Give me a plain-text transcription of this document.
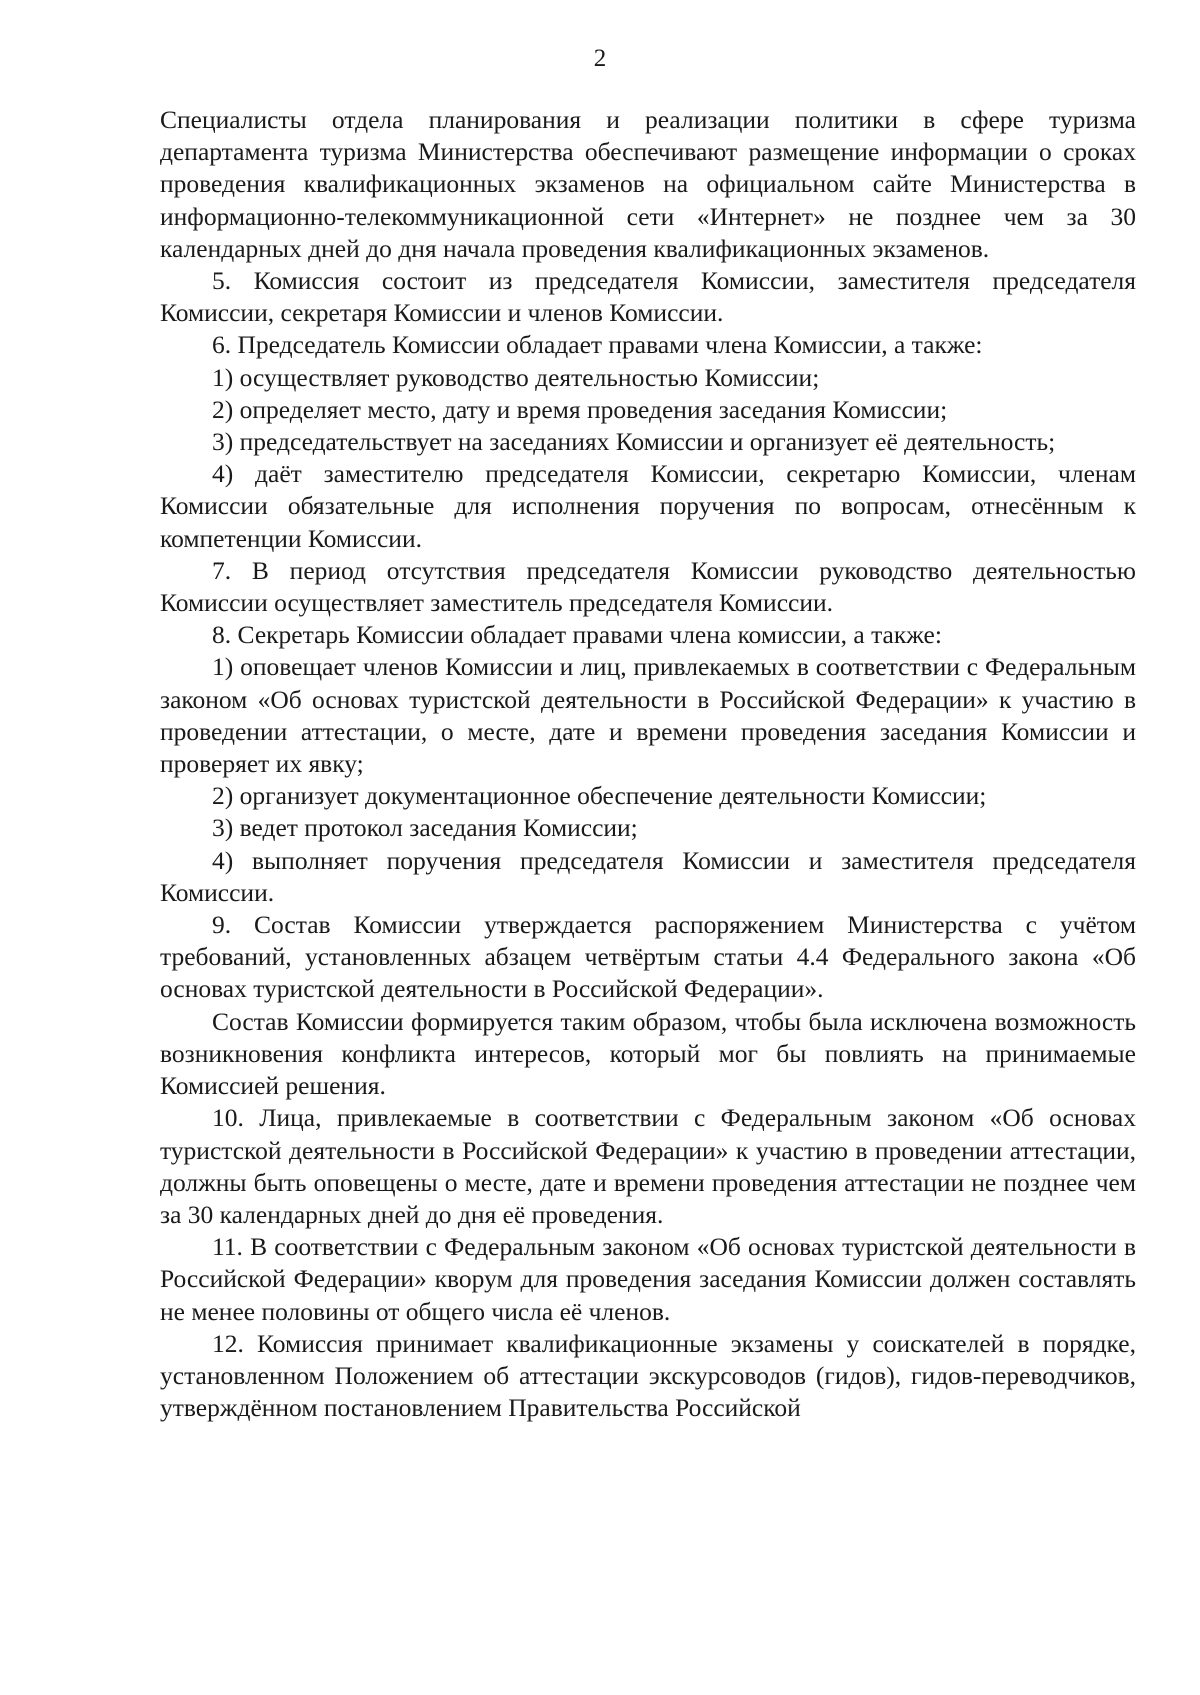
2

Специалисты отдела планирования и реализации политики в сфере туризма департамента туризма Министерства обеспечивают размещение информации о сроках проведения квалификационных экзаменов на официальном сайте Министерства в информационно-телекоммуникационной сети «Интернет» не позднее чем за 30 календарных дней до дня начала проведения квалификационных экзаменов.

5. Комиссия состоит из председателя Комиссии, заместителя председателя Комиссии, секретаря Комиссии и членов Комиссии.

6. Председатель Комиссии обладает правами члена Комиссии, а также:

1) осуществляет руководство деятельностью Комиссии;

2) определяет место, дату и время проведения заседания Комиссии;

3) председательствует на заседаниях Комиссии и организует её деятельность;

4) даёт заместителю председателя Комиссии, секретарю Комиссии, членам Комиссии обязательные для исполнения поручения по вопросам, отнесённым к компетенции Комиссии.

7. В период отсутствия председателя Комиссии руководство деятельностью Комиссии осуществляет заместитель председателя Комиссии.

8. Секретарь Комиссии обладает правами члена комиссии, а также:

1) оповещает членов Комиссии и лиц, привлекаемых в соответствии с Федеральным законом «Об основах туристской деятельности в Российской Федерации» к участию в проведении аттестации, о месте, дате и времени проведения заседания Комиссии и проверяет их явку;

2) организует документационное обеспечение деятельности Комиссии;

3) ведет протокол заседания Комиссии;

4) выполняет поручения председателя Комиссии и заместителя председателя Комиссии.

9. Состав Комиссии утверждается распоряжением Министерства с учётом требований, установленных абзацем четвёртым статьи 4.4 Федерального закона «Об основах туристской деятельности в Российской Федерации».

Состав Комиссии формируется таким образом, чтобы была исключена возможность возникновения конфликта интересов, который мог бы повлиять на принимаемые Комиссией решения.

10. Лица, привлекаемые в соответствии с Федеральным законом «Об основах туристской деятельности в Российской Федерации» к участию в проведении аттестации, должны быть оповещены о месте, дате и времени проведения аттестации не позднее чем за 30 календарных дней до дня её проведения.

11. В соответствии с Федеральным законом «Об основах туристской деятельности в Российской Федерации» кворум для проведения заседания Комиссии должен составлять не менее половины от общего числа её членов.

12. Комиссия принимает квалификационные экзамены у соискателей в порядке, установленном Положением об аттестации экскурсоводов (гидов), гидов-переводчиков, утверждённом постановлением Правительства Российской
